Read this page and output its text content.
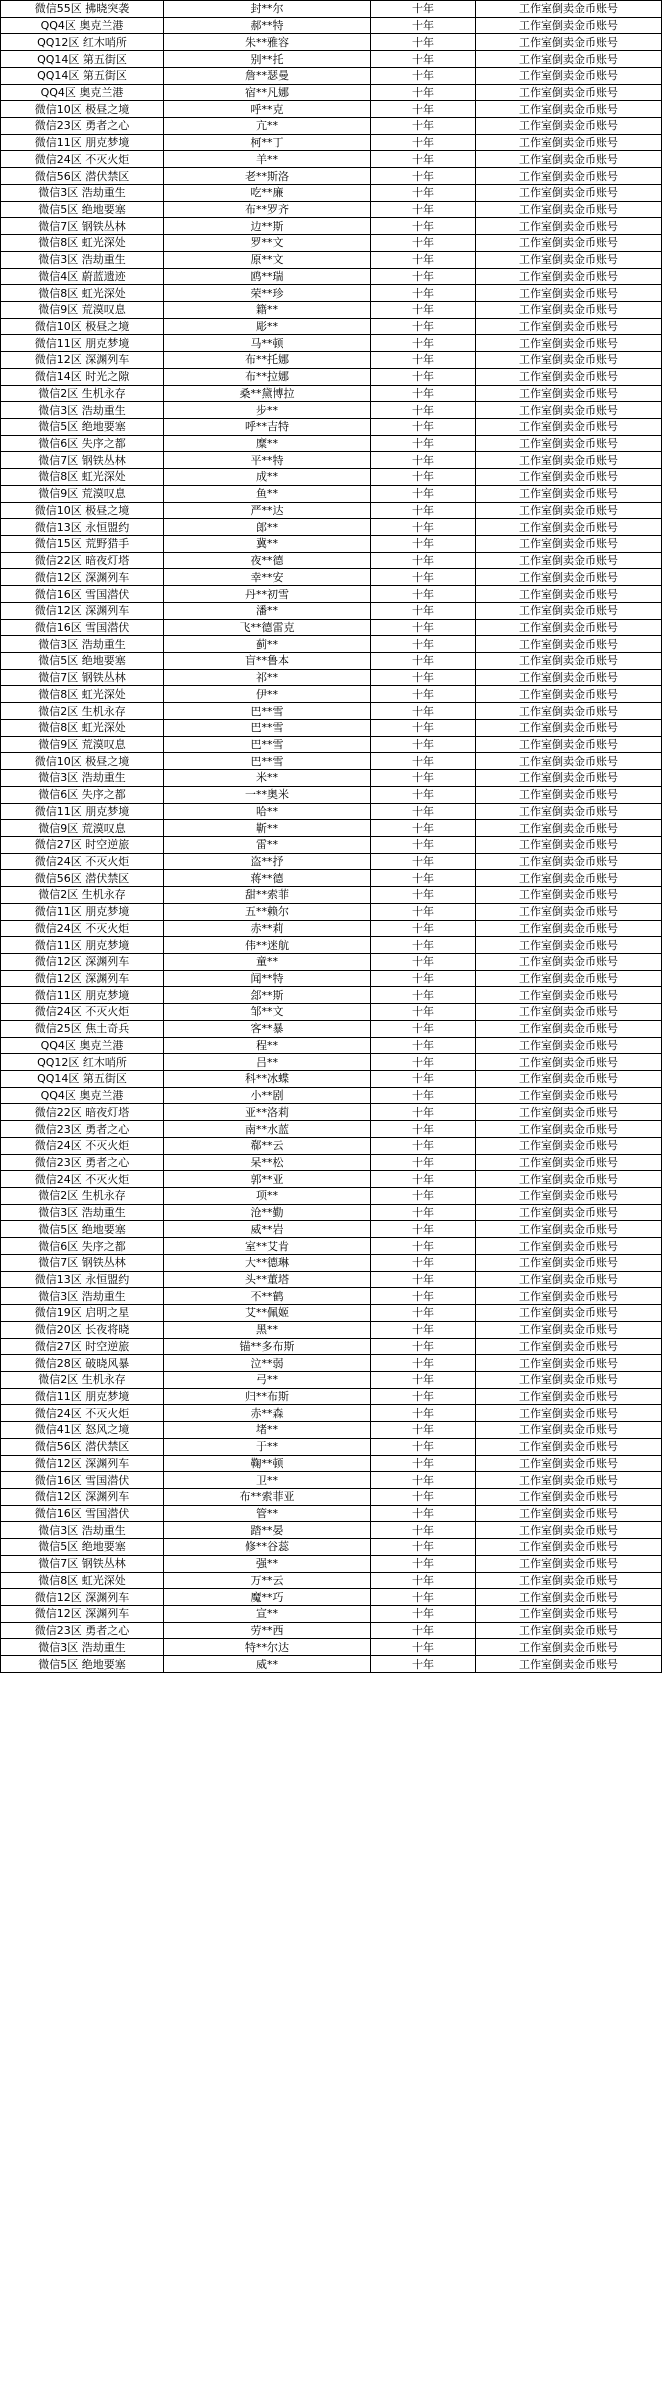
微信55区 拂晓突袭	封**尔	十年	工作室倒卖金币账号
QQ4区 奥克兰港	郝**特	十年	工作室倒卖金币账号
QQ12区 红木哨所	朱**雅容	十年	工作室倒卖金币账号
QQ14区 第五街区	别**托	十年	工作室倒卖金币账号
QQ14区 第五街区	詹**瑟曼	十年	工作室倒卖金币账号
QQ4区 奥克兰港	宿**凡娜	十年	工作室倒卖金币账号
微信10区 极昼之境	呼**克	十年	工作室倒卖金币账号
微信23区 勇者之心	亢**	十年	工作室倒卖金币账号
微信11区 朋克梦境	柯**丁	十年	工作室倒卖金币账号
微信24区 不灭火炬	羊**	十年	工作室倒卖金币账号
微信56区 潜伏禁区	老**斯洛	十年	工作室倒卖金币账号
微信3区 浩劫重生	吃**廉	十年	工作室倒卖金币账号
微信5区 绝地要塞	布**罗齐	十年	工作室倒卖金币账号
微信7区 钢铁丛林	边**斯	十年	工作室倒卖金币账号
微信8区 虹光深处	罗**文	十年	工作室倒卖金币账号
微信3区 浩劫重生	原**文	十年	工作室倒卖金币账号
微信4区 蔚蓝遗迹	鸥**瑞	十年	工作室倒卖金币账号
微信8区 虹光深处	荣**珍	十年	工作室倒卖金币账号
微信9区 荒漠叹息	籍**	十年	工作室倒卖金币账号
微信10区 极昼之境	彫**	十年	工作室倒卖金币账号
微信11区 朋克梦境	马**顿	十年	工作室倒卖金币账号
微信12区 深渊列车	布**托娜	十年	工作室倒卖金币账号
微信14区 时光之隙	布**拉娜	十年	工作室倒卖金币账号
微信2区 生机永存	桑**黛博拉	十年	工作室倒卖金币账号
微信3区 浩劫重生	步**	十年	工作室倒卖金币账号
微信5区 绝地要塞	呼**吉特	十年	工作室倒卖金币账号
微信6区 失序之都	糜**	十年	工作室倒卖金币账号
微信7区 钢铁丛林	平**特	十年	工作室倒卖金币账号
微信8区 虹光深处	成**	十年	工作室倒卖金币账号
微信9区 荒漠叹息	鱼**	十年	工作室倒卖金币账号
微信10区 极昼之境	严**达	十年	工作室倒卖金币账号
微信13区 永恒盟约	郎**	十年	工作室倒卖金币账号
微信15区 荒野猎手	冀**	十年	工作室倒卖金币账号
微信22区 暗夜灯塔	夜**德	十年	工作室倒卖金币账号
微信12区 深渊列车	幸**安	十年	工作室倒卖金币账号
微信16区 雪国潜伏	丹**初雪	十年	工作室倒卖金币账号
微信12区 深渊列车	潘**	十年	工作室倒卖金币账号
微信16区 雪国潜伏	飞**德雷克	十年	工作室倒卖金币账号
微信3区 浩劫重生	蓟**	十年	工作室倒卖金币账号
微信5区 绝地要塞	盲**鲁本	十年	工作室倒卖金币账号
微信7区 钢铁丛林	祁**	十年	工作室倒卖金币账号
微信8区 虹光深处	伊**	十年	工作室倒卖金币账号
微信2区 生机永存	巴**雪	十年	工作室倒卖金币账号
微信8区 虹光深处	巴**雪	十年	工作室倒卖金币账号
微信9区 荒漠叹息	巴**雪	十年	工作室倒卖金币账号
微信10区 极昼之境	巴**雪	十年	工作室倒卖金币账号
微信3区 浩劫重生	米**	十年	工作室倒卖金币账号
微信6区 失序之都	一**奥米	十年	工作室倒卖金币账号
微信11区 朋克梦境	哈**	十年	工作室倒卖金币账号
微信9区 荒漠叹息	靳**	十年	工作室倒卖金币账号
微信27区 时空逆旅	雷**	十年	工作室倒卖金币账号
微信24区 不灭火炬	盗**抒	十年	工作室倒卖金币账号
微信56区 潜伏禁区	蒋**德	十年	工作室倒卖金币账号
微信2区 生机永存	甜**索菲	十年	工作室倒卖金币账号
微信11区 朋克梦境	五**赖尔	十年	工作室倒卖金币账号
微信24区 不灭火炬	赤**莉	十年	工作室倒卖金币账号
微信11区 朋克梦境	伟**迷航	十年	工作室倒卖金币账号
微信12区 深渊列车	童**	十年	工作室倒卖金币账号
微信12区 深渊列车	闻**特	十年	工作室倒卖金币账号
微信11区 朋克梦境	郐**斯	十年	工作室倒卖金币账号
微信24区 不灭火炬	邹**文	十年	工作室倒卖金币账号
微信25区 焦土奇兵	客**暴	十年	工作室倒卖金币账号
QQ4区 奥克兰港	程**	十年	工作室倒卖金币账号
QQ12区 红木哨所	吕**	十年	工作室倒卖金币账号
QQ14区 第五街区	科**冰蝶	十年	工作室倒卖金币账号
QQ4区 奥克兰港	小**剧	十年	工作室倒卖金币账号
微信22区 暗夜灯塔	亚**洛莉	十年	工作室倒卖金币账号
微信23区 勇者之心	南**水蓝	十年	工作室倒卖金币账号
微信24区 不灭火炬	郗**云	十年	工作室倒卖金币账号
微信23区 勇者之心	呆**松	十年	工作室倒卖金币账号
微信24区 不灭火炬	郭**亚	十年	工作室倒卖金币账号
微信2区 生机永存	项**	十年	工作室倒卖金币账号
微信3区 浩劫重生	沧**勤	十年	工作室倒卖金币账号
微信5区 绝地要塞	威**岩	十年	工作室倒卖金币账号
微信6区 失序之都	室**艾肯	十年	工作室倒卖金币账号
微信7区 钢铁丛林	大**德琳	十年	工作室倒卖金币账号
微信13区 永恒盟约	头**董塔	十年	工作室倒卖金币账号
微信3区 浩劫重生	不**鹤	十年	工作室倒卖金币账号
微信19区 启明之星	艾**佩姬	十年	工作室倒卖金币账号
微信20区 长夜将晓	黑**	十年	工作室倒卖金币账号
微信27区 时空逆旅	锚**多布斯	十年	工作室倒卖金币账号
微信28区 破晓风暴	泣**弱	十年	工作室倒卖金币账号
微信2区 生机永存	弓**	十年	工作室倒卖金币账号
微信11区 朋克梦境	归**布斯	十年	工作室倒卖金币账号
微信24区 不灭火炬	赤**森	十年	工作室倒卖金币账号
微信41区 怒风之境	堵**	十年	工作室倒卖金币账号
微信56区 潜伏禁区	于**	十年	工作室倒卖金币账号
微信12区 深渊列车	鞠**顿	十年	工作室倒卖金币账号
微信16区 雪国潜伏	卫**	十年	工作室倒卖金币账号
微信12区 深渊列车	布**索菲亚	十年	工作室倒卖金币账号
微信16区 雪国潜伏	管**	十年	工作室倒卖金币账号
微信3区 浩劫重生	踏**晏	十年	工作室倒卖金币账号
微信5区 绝地要塞	修**谷蕊	十年	工作室倒卖金币账号
微信7区 钢铁丛林	强**	十年	工作室倒卖金币账号
微信8区 虹光深处	万**云	十年	工作室倒卖金币账号
微信12区 深渊列车	魔**巧	十年	工作室倒卖金币账号
微信12区 深渊列车	宣**	十年	工作室倒卖金币账号
微信23区 勇者之心	劳**西	十年	工作室倒卖金币账号
微信3区 浩劫重生	特**尔达	十年	工作室倒卖金币账号
微信5区 绝地要塞	威**	十年	工作室倒卖金币账号
